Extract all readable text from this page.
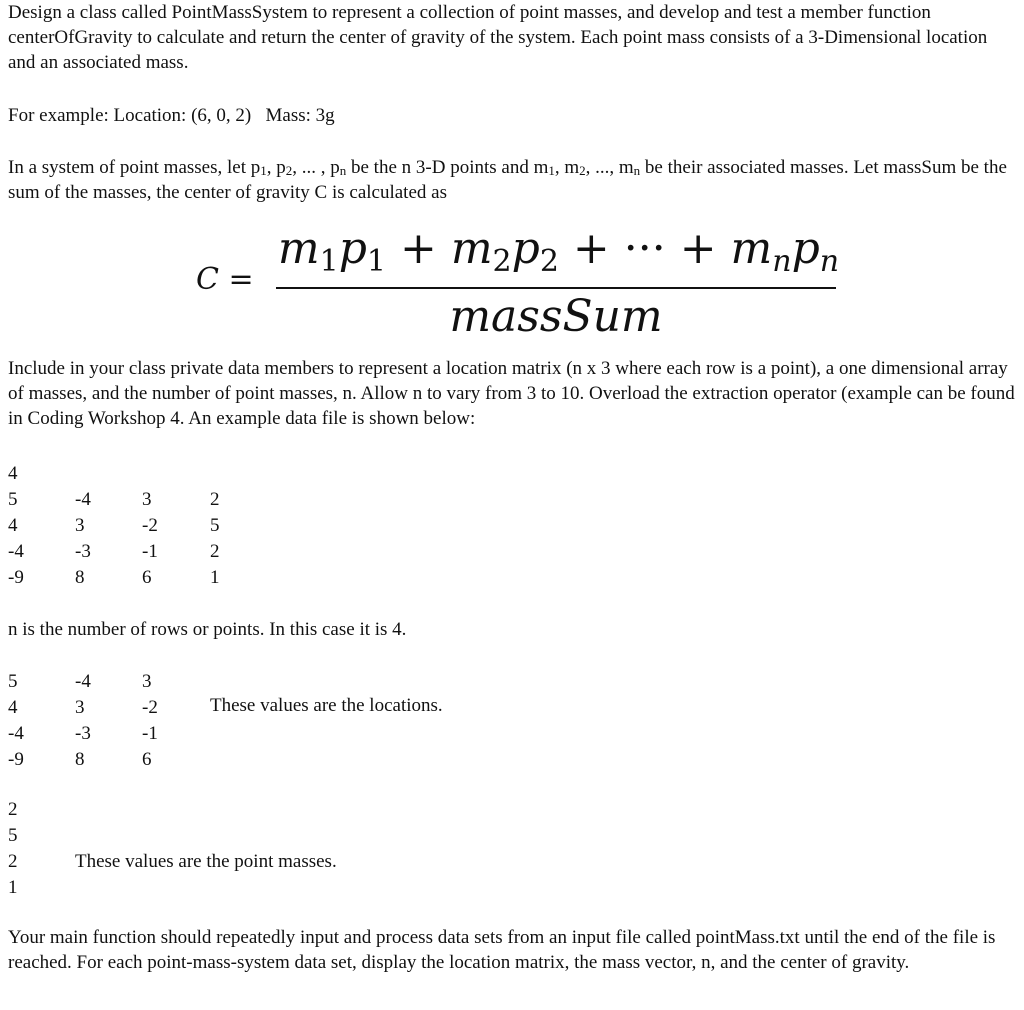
Design a class called PointMassSystem to represent a collection of point masses, and develop and test a member function centerOfGravity to calculate and return the center of gravity of the system. Each point mass consists of a 3-Dimensional location and an associated mass.

For example: Location: (6, 0, 2)   Mass: 3g

In a system of point masses, let $p_1$, $p_2$, ... , $p_n$ be the n 3-D points and $m_1$, $m_2$, ..., $m_n$ be their associated masses. Let massSum be the sum of the masses, the center of gravity C is calculated as

C =
$m_1p_1 + m_2p_2$ + ··· + $m_np_n$
massSum

Include in your class private data members to represent a location matrix (n x 3 where each row is a point), a one dimensional array of masses, and the number of point masses, n. Allow n to vary from 3 to 10. Overload the extraction operator (example can be found in Coding Workshop 4. An example data file is shown below:

4
5	-4	3	2
4	3	-2	5
-4	-3	-1	2
-9	8	6	1

n is the number of rows or points. In this case it is 4.

5	-4	3
4	3	-2
-4	-3	-1
-9	8	6

These values are the locations.

2
5
2
1

These values are the point masses.

Your main function should repeatedly input and process data sets from an input file called pointMass.txt until the end of the file is reached. For each point-mass-system data set, display the location matrix, the mass vector, n, and the center of gravity.
